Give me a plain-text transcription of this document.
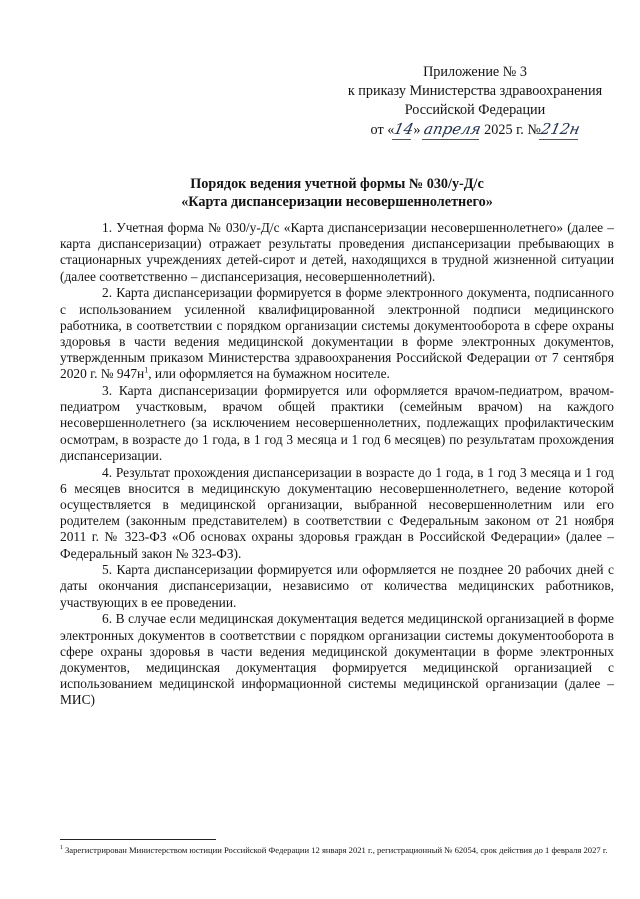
Приложение № 3
к приказу Министерства здравоохранения
Российской Федерации
от «14» апреля 2025 г. №212н
Порядок ведения учетной формы № 030/у-Д/с
«Карта диспансеризации несовершеннолетнего»

1. Учетная форма № 030/у-Д/с «Карта диспансеризации несовершеннолетнего» (далее – карта диспансеризации) отражает результаты проведения диспансеризации пребывающих в стационарных учреждениях детей-сирот и детей, находящихся в трудной жизненной ситуации (далее соответственно – диспансеризация, несовершеннолетний).

2. Карта диспансеризации формируется в форме электронного документа, подписанного с использованием усиленной квалифицированной электронной подписи медицинского работника, в соответствии с порядком организации системы документооборота в сфере охраны здоровья в части ведения медицинской документации в форме электронных документов, утвержденным приказом Министерства здравоохранения Российской Федерации от 7 сентября 2020 г. № $947н^1$, или оформляется на бумажном носителе.

3. Карта диспансеризации формируется или оформляется врачом-педиатром, врачом-педиатром участковым, врачом общей практики (семейным врачом) на каждого несовершеннолетнего (за исключением несовершеннолетних, подлежащих профилактическим осмотрам, в возрасте до 1 года, в 1 год 3 месяца и 1 год 6 месяцев) по результатам прохождения диспансеризации.

4. Результат прохождения диспансеризации в возрасте до 1 года, в 1 год 3 месяца и 1 год 6 месяцев вносится в медицинскую документацию несовершеннолетнего, ведение которой осуществляется в медицинской организации, выбранной несовершеннолетним или его родителем (законным представителем) в соответствии с Федеральным законом от 21 ноября 2011 г. № 323-ФЗ «Об основах охраны здоровья граждан в Российской Федерации» (далее – Федеральный закон № 323-ФЗ).

5. Карта диспансеризации формируется или оформляется не позднее 20 рабочих дней с даты окончания диспансеризации, независимо от количества медицинских работников, участвующих в ее проведении.

6. В случае если медицинская документация ведется медицинской организацией в форме электронных документов в соответствии с порядком организации системы документооборота в сфере охраны здоровья в части ведения медицинской документации в форме электронных документов, медицинская документация формируется медицинской организацией с использованием медицинской информационной системы медицинской организации (далее – МИС)

$^1$ Зарегистрирован Министерством юстиции Российской Федерации 12 января 2021 г., регистрационный № 62054, срок действия до 1 февраля 2027 г.
